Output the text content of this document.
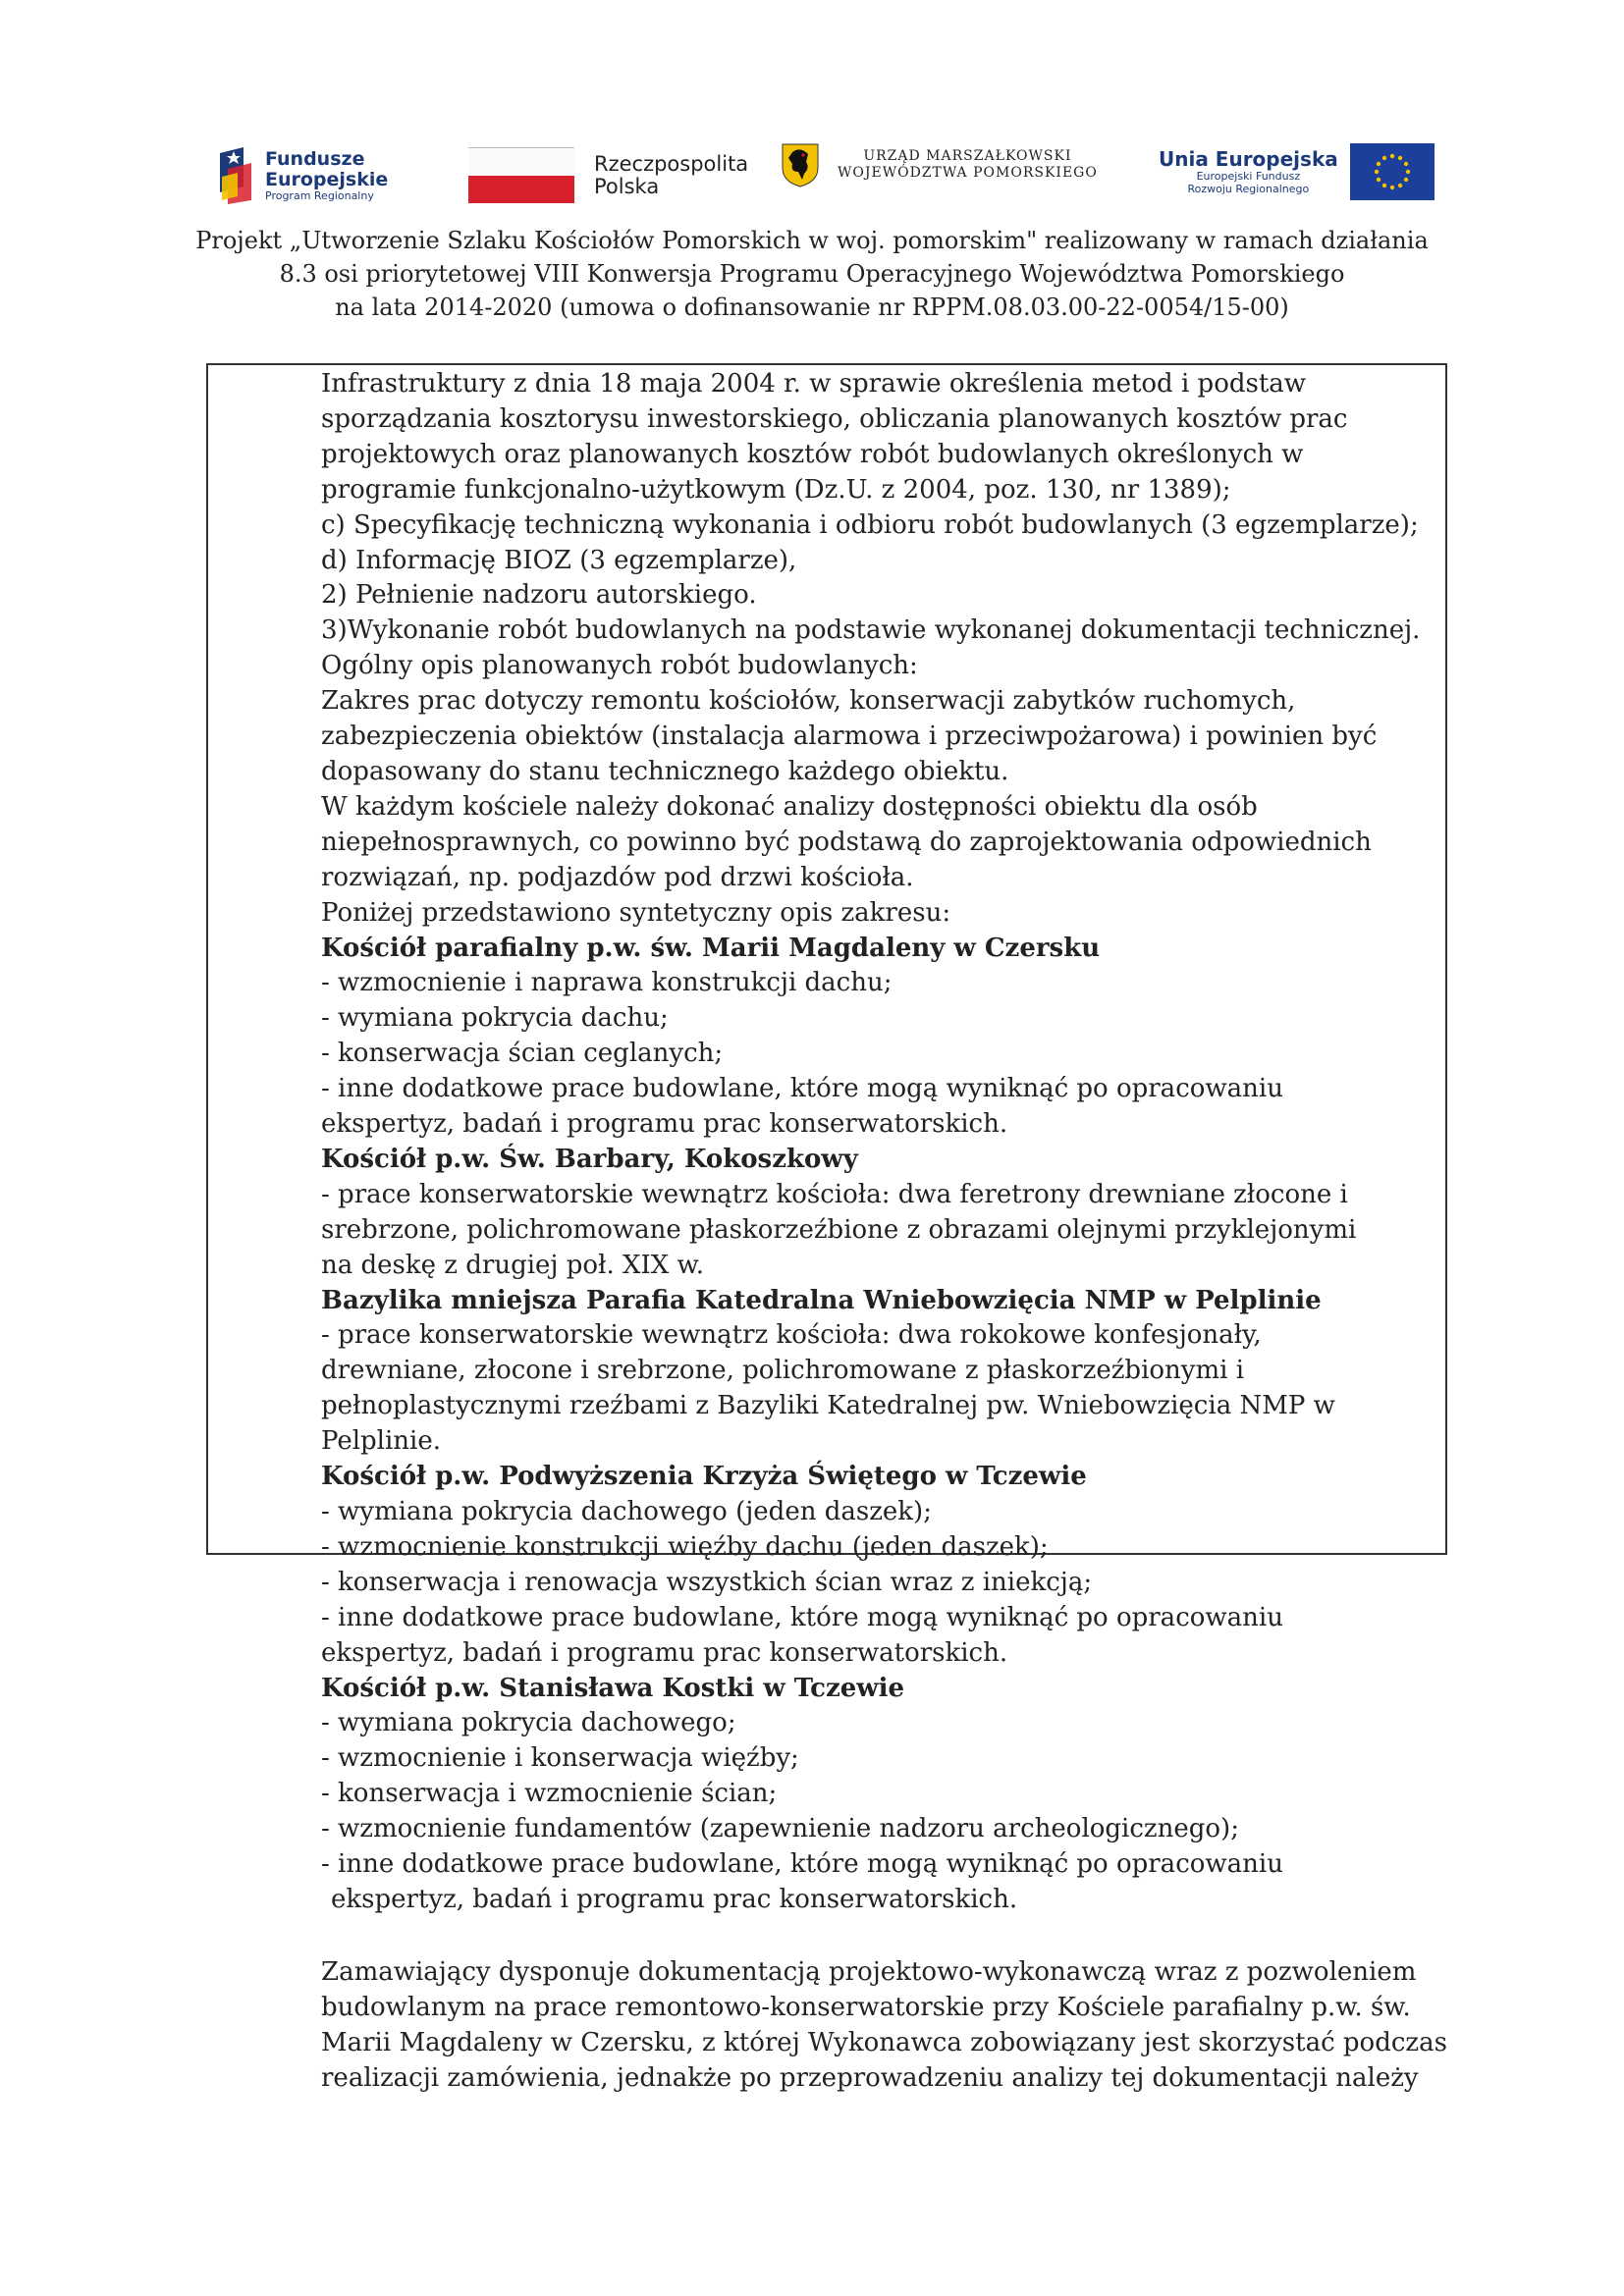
Fundusze
Europejskie
Program Regionalny
Rzeczpospolita
Polska
URZĄD MARSZAŁKOWSKI
WOJEWÓDZTWA POMORSKIEGO
Unia Europejska
Europejski Fundusz
Rozwoju Regionalnego
Projekt „Utworzenie Szlaku Kościołów Pomorskich w woj. pomorskim" realizowany w ramach działania
8.3 osi priorytetowej VIII Konwersja Programu Operacyjnego Województwa Pomorskiego
na lata 2014-2020 (umowa o dofinansowanie nr RPPM.08.03.00-22-0054/15-00)

Infrastruktury z dnia 18 maja 2004 r. w sprawie określenia metod i podstaw

sporządzania kosztorysu inwestorskiego, obliczania planowanych kosztów prac

projektowych oraz planowanych kosztów robót budowlanych określonych w

programie funkcjonalno-użytkowym (Dz.U. z 2004, poz. 130, nr 1389);

c) Specyfikację techniczną wykonania i odbioru robót budowlanych (3 egzemplarze);

d) Informację BIOZ (3 egzemplarze),

2) Pełnienie nadzoru autorskiego.

3)Wykonanie robót budowlanych na podstawie wykonanej dokumentacji technicznej.

Ogólny opis planowanych robót budowlanych:

Zakres prac dotyczy remontu kościołów, konserwacji zabytków ruchomych,

zabezpieczenia obiektów (instalacja alarmowa i przeciwpożarowa) i powinien być

dopasowany do stanu technicznego każdego obiektu.

W każdym kościele należy dokonać analizy dostępności obiektu dla osób

niepełnosprawnych, co powinno być podstawą do zaprojektowania odpowiednich

rozwiązań, np. podjazdów pod drzwi kościoła.

Poniżej przedstawiono syntetyczny opis zakresu:

Kościół parafialny p.w. św. Marii Magdaleny w Czersku

- wzmocnienie i naprawa konstrukcji dachu;

- wymiana pokrycia dachu;

- konserwacja ścian ceglanych;

- inne dodatkowe prace budowlane, które mogą wyniknąć po opracowaniu

ekspertyz, badań i programu prac konserwatorskich.

Kościół p.w. Św. Barbary, Kokoszkowy

- prace konserwatorskie wewnątrz kościoła: dwa feretrony drewniane złocone i

srebrzone, polichromowane płaskorzeźbione z obrazami olejnymi przyklejonymi

na deskę z drugiej poł. XIX w.

Bazylika mniejsza Parafia Katedralna Wniebowzięcia NMP w Pelplinie

- prace konserwatorskie wewnątrz kościoła: dwa rokokowe konfesjonały,

drewniane, złocone i srebrzone, polichromowane z płaskorzeźbionymi i

pełnoplastycznymi rzeźbami z Bazyliki Katedralnej pw. Wniebowzięcia NMP w

Pelplinie.

Kościół p.w. Podwyższenia Krzyża Świętego w Tczewie

- wymiana pokrycia dachowego (jeden daszek);

- wzmocnienie konstrukcji więźby dachu (jeden daszek);

- konserwacja i renowacja wszystkich ścian wraz z iniekcją;

- inne dodatkowe prace budowlane, które mogą wyniknąć po opracowaniu

ekspertyz, badań i programu prac konserwatorskich.

Kościół p.w. Stanisława Kostki w Tczewie

- wymiana pokrycia dachowego;

- wzmocnienie i konserwacja więźby;

- konserwacja i wzmocnienie ścian;

- wzmocnienie fundamentów (zapewnienie nadzoru archeologicznego);

- inne dodatkowe prace budowlane, które mogą wyniknąć po opracowaniu

ekspertyz, badań i programu prac konserwatorskich.

Zamawiający dysponuje dokumentacją projektowo-wykonawczą wraz z pozwoleniem

budowlanym na prace remontowo-konserwatorskie przy Kościele parafialny p.w. św.

Marii Magdaleny w Czersku, z której Wykonawca zobowiązany jest skorzystać podczas

realizacji zamówienia, jednakże po przeprowadzeniu analizy tej dokumentacji należy
